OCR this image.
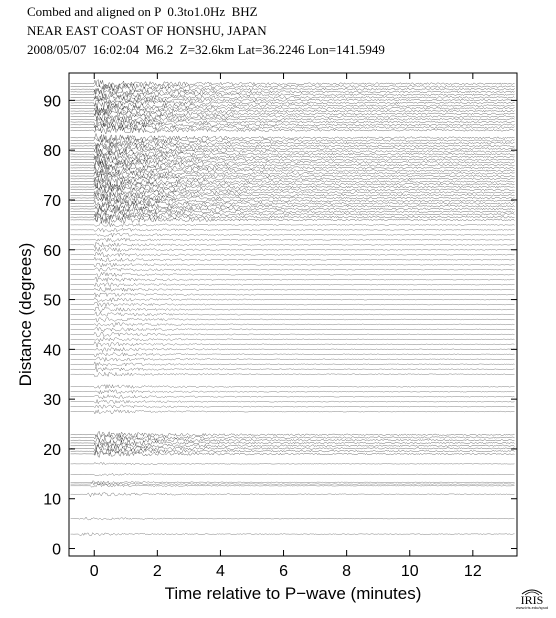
Combed and aligned on P  0.3to1.0Hz  BHZ
NEAR EAST COAST OF HONSHU, JAPAN
2008/05/07  16:02:04  M6.2  Z=32.6km Lat=36.2246 Lon=141.5949
0	2	4	6	8	10	12
0
10
20
30
40
50
60
70
80
90
Time relative to P−wave (minutes)
Distance (degrees)
IRIS
www.iris.edu/spud
